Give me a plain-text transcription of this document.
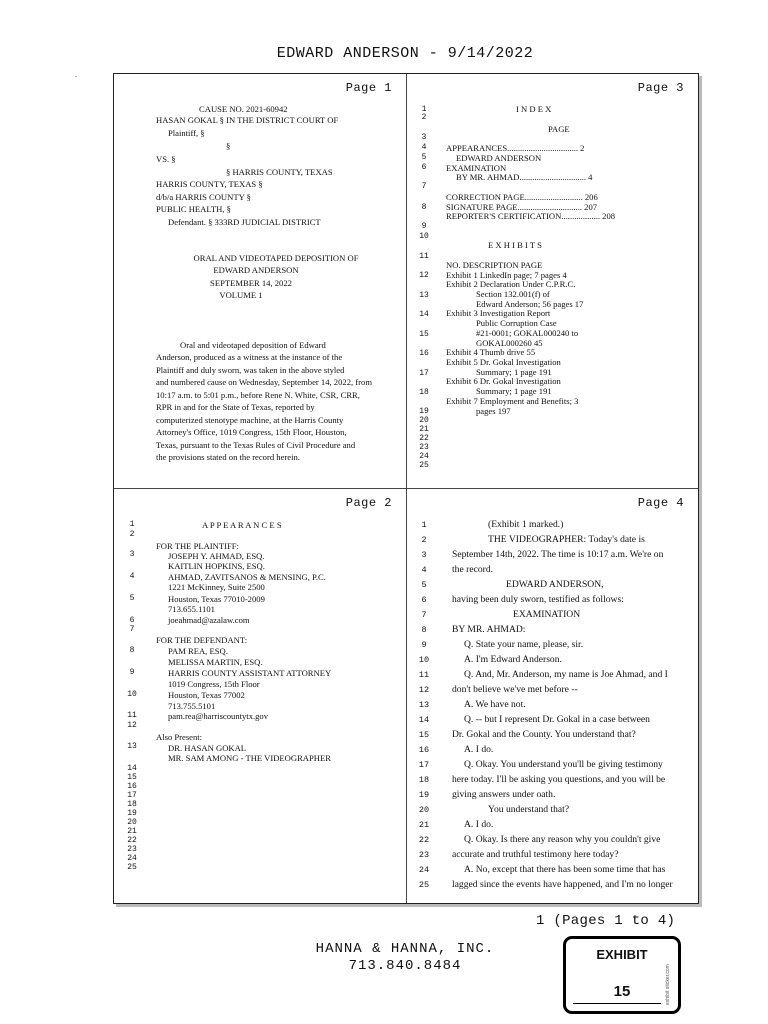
EDWARD ANDERSON - 9/14/2022
.
Page 1
CAUSE NO. 2021-60942
HASAN GOKAL § IN THE DISTRICT COURT OF
Plaintiff, §
§
VS. §
§ HARRIS COUNTY, TEXAS
HARRIS COUNTY, TEXAS §
d/b/a HARRIS COUNTY §
PUBLIC HEALTH, §
Defendant. § 333RD JUDICIAL DISTRICT
ORAL AND VIDEOTAPED DEPOSITION OF
EDWARD ANDERSON
SEPTEMBER 14, 2022
VOLUME 1
Oral and videotaped deposition of Edward
Anderson, produced as a witness at the instance of the
Plaintiff and duly sworn, was taken in the above styled
and numbered cause on Wednesday, September 14, 2022, from
10:17 a.m. to 5:01 p.m., before Rene N. White, CSR, CRR,
RPR in and for the State of Texas, reported by
computerized stenotype machine, at the Harris County
Attorney's Office, 1019 Congress, 15th Floor, Houston,
Texas, pursuant to the Texas Rules of Civil Procedure and
the provisions stated on the record herein.
Page 3
1
2
3
4
5
6
7
8
9
10
11
12
13
14
15
16
17
18
19
20
21
22
23
24
25
I N D E X
PAGE
APPEARANCES................................. 2
EDWARD ANDERSON
EXAMINATION
BY MR. AHMAD............................... 4
CORRECTION PAGE........................... 206
SIGNATURE PAGE.............................. 207
REPORTER'S CERTIFICATION.................. 208
E X H I B I T S
NO. DESCRIPTION PAGE
Exhibit 1 LinkedIn page; 7 pages 4
Exhibit 2 Declaration Under C.P.R.C.
Section 132.001(f) of
Edward Anderson; 56 pages 17
Exhibit 3 Investigation Report
Public Corruption Case
#21-0001; GOKAL000240 to
GOKAL000260 45
Exhibit 4 Thumb drive 55
Exhibit 5 Dr. Gokal Investigation
Summary; 1 page 191
Exhibit 6 Dr. Gokal Investigation
Summary; 1 page 191
Exhibit 7 Employment and Benefits; 3
pages 197
Page 2
1
2
3
4
5
6
7
8
9
10
11
12
13
14
15
16
17
18
19
20
21
22
23
24
25
A P P E A R A N C E S
FOR THE PLAINTIFF:
JOSEPH Y. AHMAD, ESQ.
KAITLIN HOPKINS, ESQ.
AHMAD, ZAVITSANOS & MENSING, P.C.
1221 McKinney, Suite 2500
Houston, Texas 77010-2009
713.655.1101
joeahmad@azalaw.com
FOR THE DEFENDANT:
PAM REA, ESQ.
MELISSA MARTIN, ESQ.
HARRIS COUNTY ASSISTANT ATTORNEY
1019 Congress, 15th Floor
Houston, Texas 77002
713.755.5101
pam.rea@harriscountytx.gov
Also Present:
DR. HASAN GOKAL
MR. SAM AMONG - THE VIDEOGRAPHER
Page 4
1
2
3
4
5
6
7
8
9
10
11
12
13
14
15
16
17
18
19
20
21
22
23
24
25
(Exhibit 1 marked.)
THE VIDEOGRAPHER: Today's date is
September 14th, 2022. The time is 10:17 a.m. We're on
the record.
EDWARD ANDERSON,
having been duly sworn, testified as follows:
EXAMINATION
BY MR. AHMAD:
Q. State your name, please, sir.
A. I'm Edward Anderson.
Q. And, Mr. Anderson, my name is Joe Ahmad, and I
don't believe we've met before --
A. We have not.
Q. -- but I represent Dr. Gokal in a case between
Dr. Gokal and the County. You understand that?
A. I do.
Q. Okay. You understand you'll be giving testimony
here today. I'll be asking you questions, and you will be
giving answers under oath.
You understand that?
A. I do.
Q. Okay. Is there any reason why you couldn't give
accurate and truthful testimony here today?
A. No, except that there has been some time that has
lagged since the events have happened, and I'm no longer
1 (Pages 1 to 4)
HANNA & HANNA, INC.
713.840.8484
EXHIBIT
15	exhibit sticker.com
